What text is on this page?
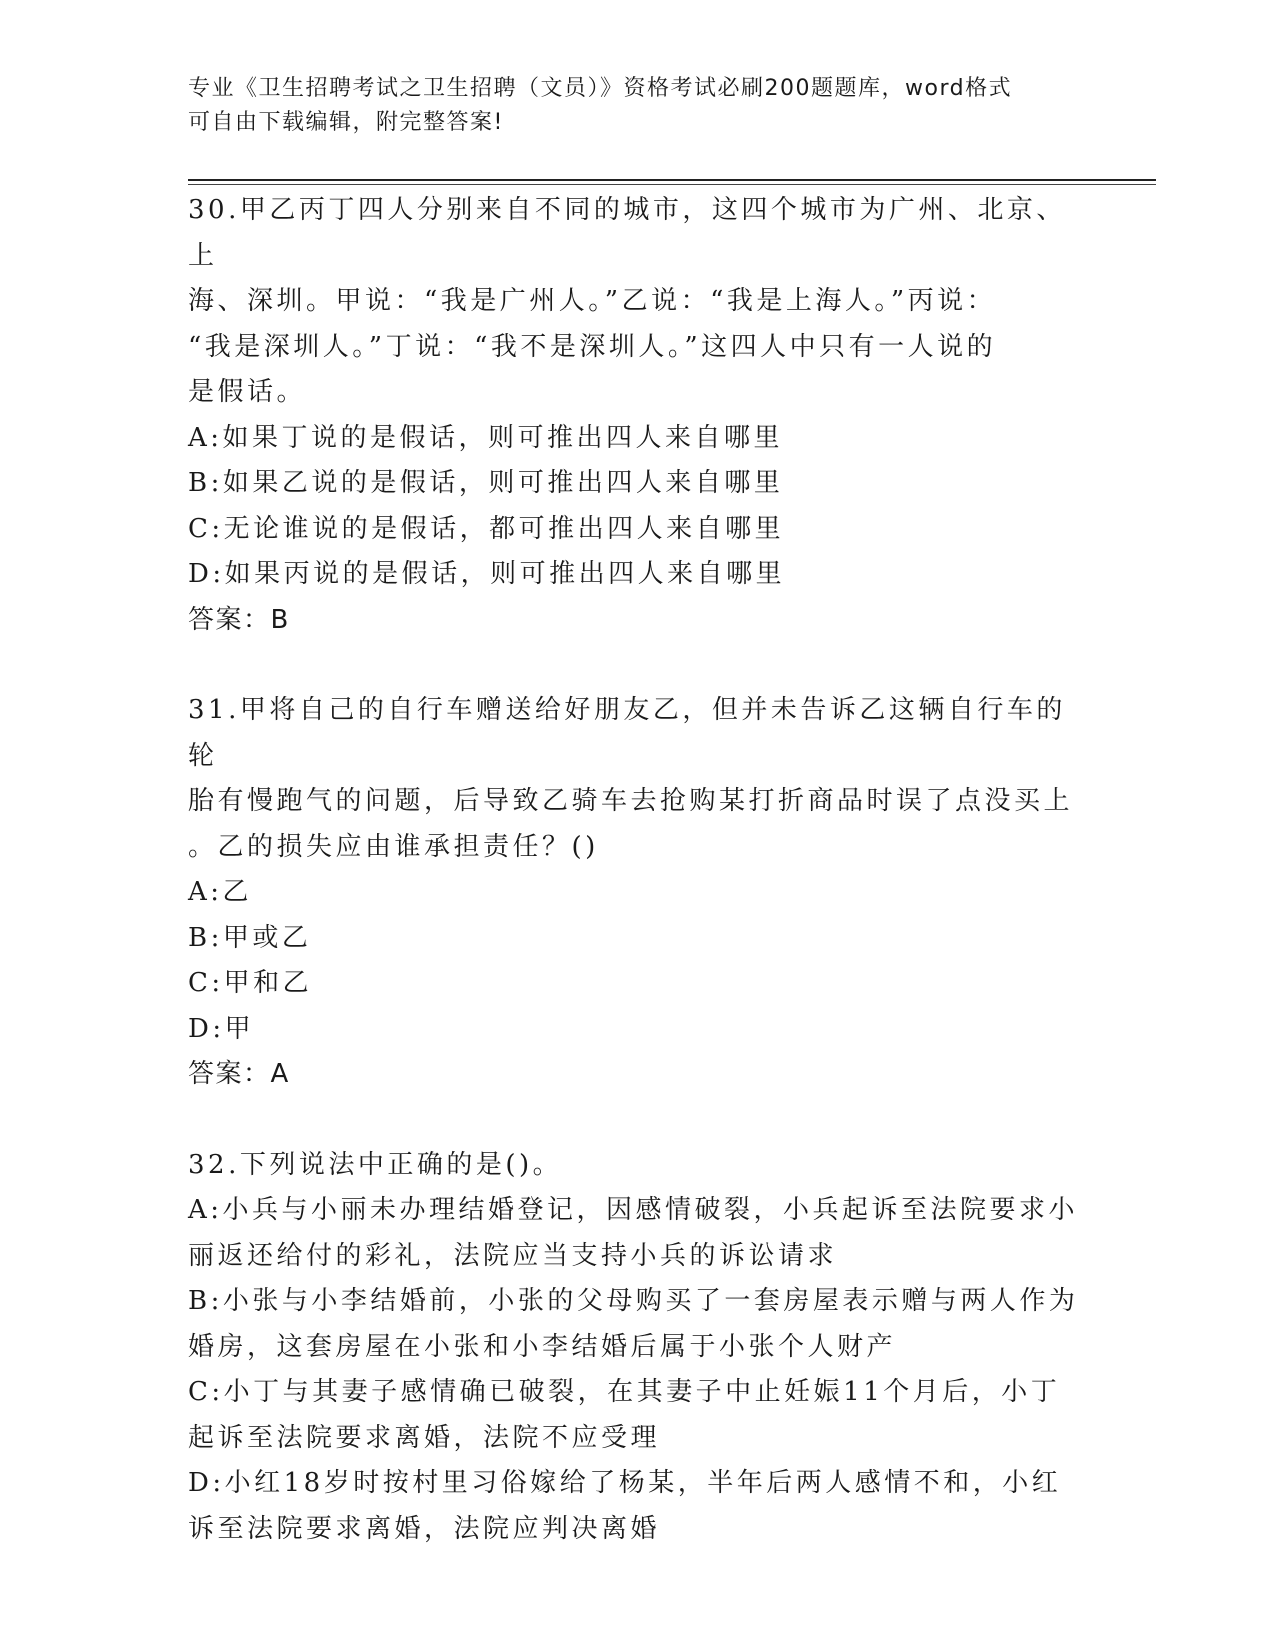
专业《卫生招聘考试之卫生招聘（文员）》资格考试必刷200题题库，word格式
可自由下载编辑，附完整答案!
30.甲乙丙丁四人分别来自不同的城市，这四个城市为广州、北京、上
海、深圳。甲说：“我是广州人。”乙说：“我是上海人。”丙说：
“我是深圳人。”丁说：“我不是深圳人。”这四人中只有一人说的
是假话。
A:如果丁说的是假话，则可推出四人来自哪里
B:如果乙说的是假话，则可推出四人来自哪里
C:无论谁说的是假话，都可推出四人来自哪里
D:如果丙说的是假话，则可推出四人来自哪里
答案：B
31.甲将自己的自行车赠送给好朋友乙，但并未告诉乙这辆自行车的轮
胎有慢跑气的问题，后导致乙骑车去抢购某打折商品时误了点没买上
。乙的损失应由谁承担责任？()
A:乙
B:甲或乙
C:甲和乙
D:甲
答案：A
32.下列说法中正确的是()。
A:小兵与小丽未办理结婚登记，因感情破裂，小兵起诉至法院要求小
丽返还给付的彩礼，法院应当支持小兵的诉讼请求
B:小张与小李结婚前，小张的父母购买了一套房屋表示赠与两人作为
婚房，这套房屋在小张和小李结婚后属于小张个人财产
C:小丁与其妻子感情确已破裂，在其妻子中止妊娠11个月后，小丁
起诉至法院要求离婚，法院不应受理
D:小红18岁时按村里习俗嫁给了杨某，半年后两人感情不和，小红
诉至法院要求离婚，法院应判决离婚
